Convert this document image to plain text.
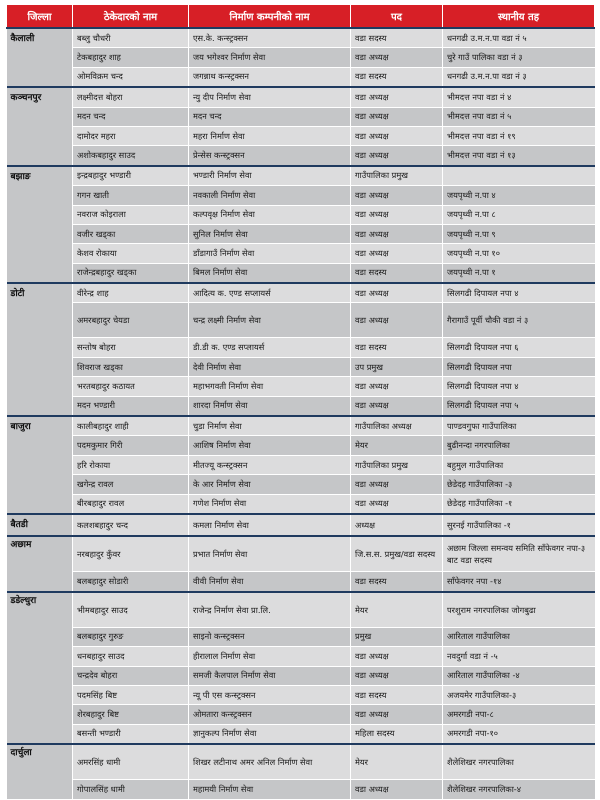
जिल्ला	ठेकेदारको नाम	निर्माण कम्पनीको नाम	पद	स्थानीय तह
कैलाली	बब्लु चौधरी	एस.के. कन्स्ट्रक्सन	वडा सदस्य	धनगढी उ.म.न.पा वडा नं ५
	टेकबहादुर शाह	जय भगेश्वर निर्माण सेवा	वडा अध्यक्ष	चुरे गाउँ पालिका वडा नं ३
	ओमविक्रम चन्द	जगन्नाथ कन्स्ट्रक्सन	वडा सदस्य	धनगढी उ.म.न.पा वडा नं ३
कञ्चनपुर	लक्ष्मीदत्त बोहरा	न्यु दीप निर्माण सेवा	वडा अध्यक्ष	भीमदत्त नपा वडा नं ४
	मदन चन्द	मदन चन्द	वडा अध्यक्ष	भीमदत्त नपा वडा नं ५
	दामोदर महरा	महरा निर्माण सेवा	वडा अध्यक्ष	भीमदत्त नपा वडा नं १९
	अशोकबहादुर साउद	प्रेन्सेस कन्स्ट्रक्सन	वडा अध्यक्ष	भीमदत्त नपा वडा नं १३
बझाङ	इन्द्रबहादुर भण्डारी	भण्डारी निर्माण सेवा	गाउँपालिका प्रमुख	
	गगन खाती	नवकाली निर्माण सेवा	वडा अध्यक्ष	जयपृथ्वी न.पा ४
	नवराज कोइराला	कल्पवृक्ष निर्माण सेवा	वडा अध्यक्ष	जयपृथ्वी न.पा ८
	वजीर खड्का	सुनिल निर्माण सेवा	वडा अध्यक्ष	जयपृथ्वी न.पा ९
	केशव रोकाया	डाँडागाउँ निर्माण सेवा	वडा अध्यक्ष	जयपृथ्वी न.पा १०
	राजेन्द्रबहादुर खड्का	बिमल निर्माण सेवा	वडा सदस्य	जयपृथ्वी न.पा १
डोटी	वीरेन्द्र शाह	आदित्य क. एण्ड सप्लायर्स	वडा अध्यक्ष	सिलगढी दिपायल नपा ४
	अमरबहादुर चेयडा	चन्द्र लक्ष्मी निर्माण सेवा	वडा अध्यक्ष	गैरागाउँ पूर्वी चौकी वडा नं ३
	सन्तोष बोहरा	डी.डी क. एण्ड सप्लायर्स	वडा सदस्य	सिलगढी दिपायल नपा ६
	शिवराज खड्का	देवी निर्माण सेवा	उप प्रमुख	सिलगढी दिपायल नपा
	भरतबहादुर कठायत	महाभगवती निर्माण सेवा	वडा अध्यक्ष	सिलगढी दिपायल नपा ४
	मदन भण्डारी	शारदा निर्माण सेवा	वडा अध्यक्ष	सिलगढी दिपायल नपा ५
बाजुरा	कालीबहादुर शाही	चुडा निर्माण सेवा	गाउँपालिका अध्यक्ष	पाण्डवगुफा गाउँपालिका
	पदमकुमार गिरी	आशिष निर्माण सेवा	मेयर	बुढीनन्दा नगरपालिका
	हरि रोकाया	मीतज्यू कन्स्ट्रक्सन	गाउँपालिका प्रमुख	बहुमुल गाउँपालिका
	खगेन्द्र रावल	के आर निर्माण सेवा	वडा अध्यक्ष	छेडेदह गाउँपालिका -३
	बीरबहादुर रावल	गणेश निर्माण सेवा	वडा अध्यक्ष	छेडेदह गाउँपालिका -१
बैतडी	कलशबहादुर चन्द	कमला निर्माण सेवा	अध्यक्ष	सुरनई गाउँपालिका -१
अछाम	नरबहादुर कुँवर	प्रभात निर्माण सेवा	जि.स.स. प्रमुख/वडा सदस्य	अछाम जिल्ला समन्वय समिति साँफेवगर नपा-३ बाट वडा सदस्य
	बलबहादुर सोडारी	वीवी निर्माण सेवा	वडा सदस्य	साँफेवगर नपा -१४
डडेल्धुरा	भीमबहादुर साउद	राजेन्द्र निर्माण सेवा प्रा.लि.	मेयर	परशुराम नगरपालिका जोगबुढा
	बलबहादुर गुरुङ	साइनो कन्स्ट्रक्सन	प्रमुख	आरिताल गाउँपालिका
	धनबहादुर साउद	हीरालाल निर्माण सेवा	वडा अध्यक्ष	नवदुर्गा वडा नं -५
	चन्द्रदेव बोहरा	समजी कैलपाल निर्माण सेवा	वडा अध्यक्ष	आरिताल गाउँपालिका -४
	पदमसिंह बिष्ट	न्यू पी एस कन्स्ट्रक्सन	वडा सदस्य	अजयमेर गाउँपालिका-३
	शेरबहादुर बिष्ट	ओमतारा कन्स्ट्रक्सन	वडा अध्यक्ष	अमरगडी नपा-८
	बसन्ती भण्डारी	ज्ञानुकल्प निर्माण सेवा	महिला सदस्य	अमरगडी नपा-१०
दार्चुला	अमरसिंह धामी	शिखर लटीनाथ अमर अनिल निर्माण सेवा	मेयर	शैलेशिखर नगरपालिका
	गोपालसिंह धामी	महामयी निर्माण सेवा	वडा अध्यक्ष	शैलेशिखर नगरपालिका-४
